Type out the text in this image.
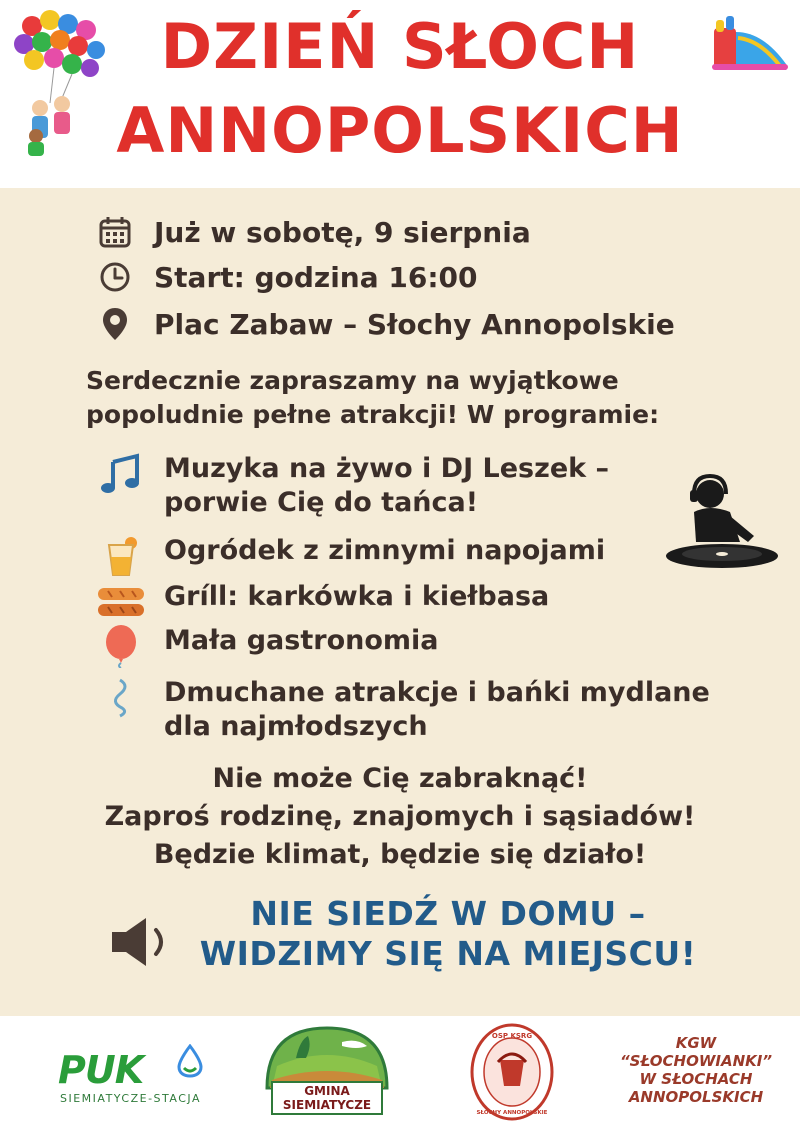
DZIEŃ SŁOCH
ANNOPOLSKICH
Już w sobotę, 9 sierpnia
Start: godzina 16:00
Plac Zabaw – Słochy Annopolskie
Serdecznie zapraszamy na wyjątkowe
popoludnie pełne atrakcji! W programie:
Muzyka na żywo i DJ Leszek –
porwie Cię do tańca!
Ogródek z zimnymi napojami
Gríll: karkówka i kiełbasa
Mała gastronomia
Dmuchane atrakcje i bańki mydlane
dla najmłodszych
Nie może Cię zabraknąć!
Zaproś rodzinę, znajomych i sąsiadów!
Będzie klimat, będzie się działo!
NIE SIEDŹ W DOMU –
WIDZIMY SIĘ NA MIEJSCU!
PUK
SIEMIATYCZE-STACJA
GMINA
SIEMIATYCZE
OSP KSRG
SŁOCHY ANNOPOLSKIE
KGW
“SŁOCHOWIANKI”
W SŁOCHACH
ANNOPOLSKICH
